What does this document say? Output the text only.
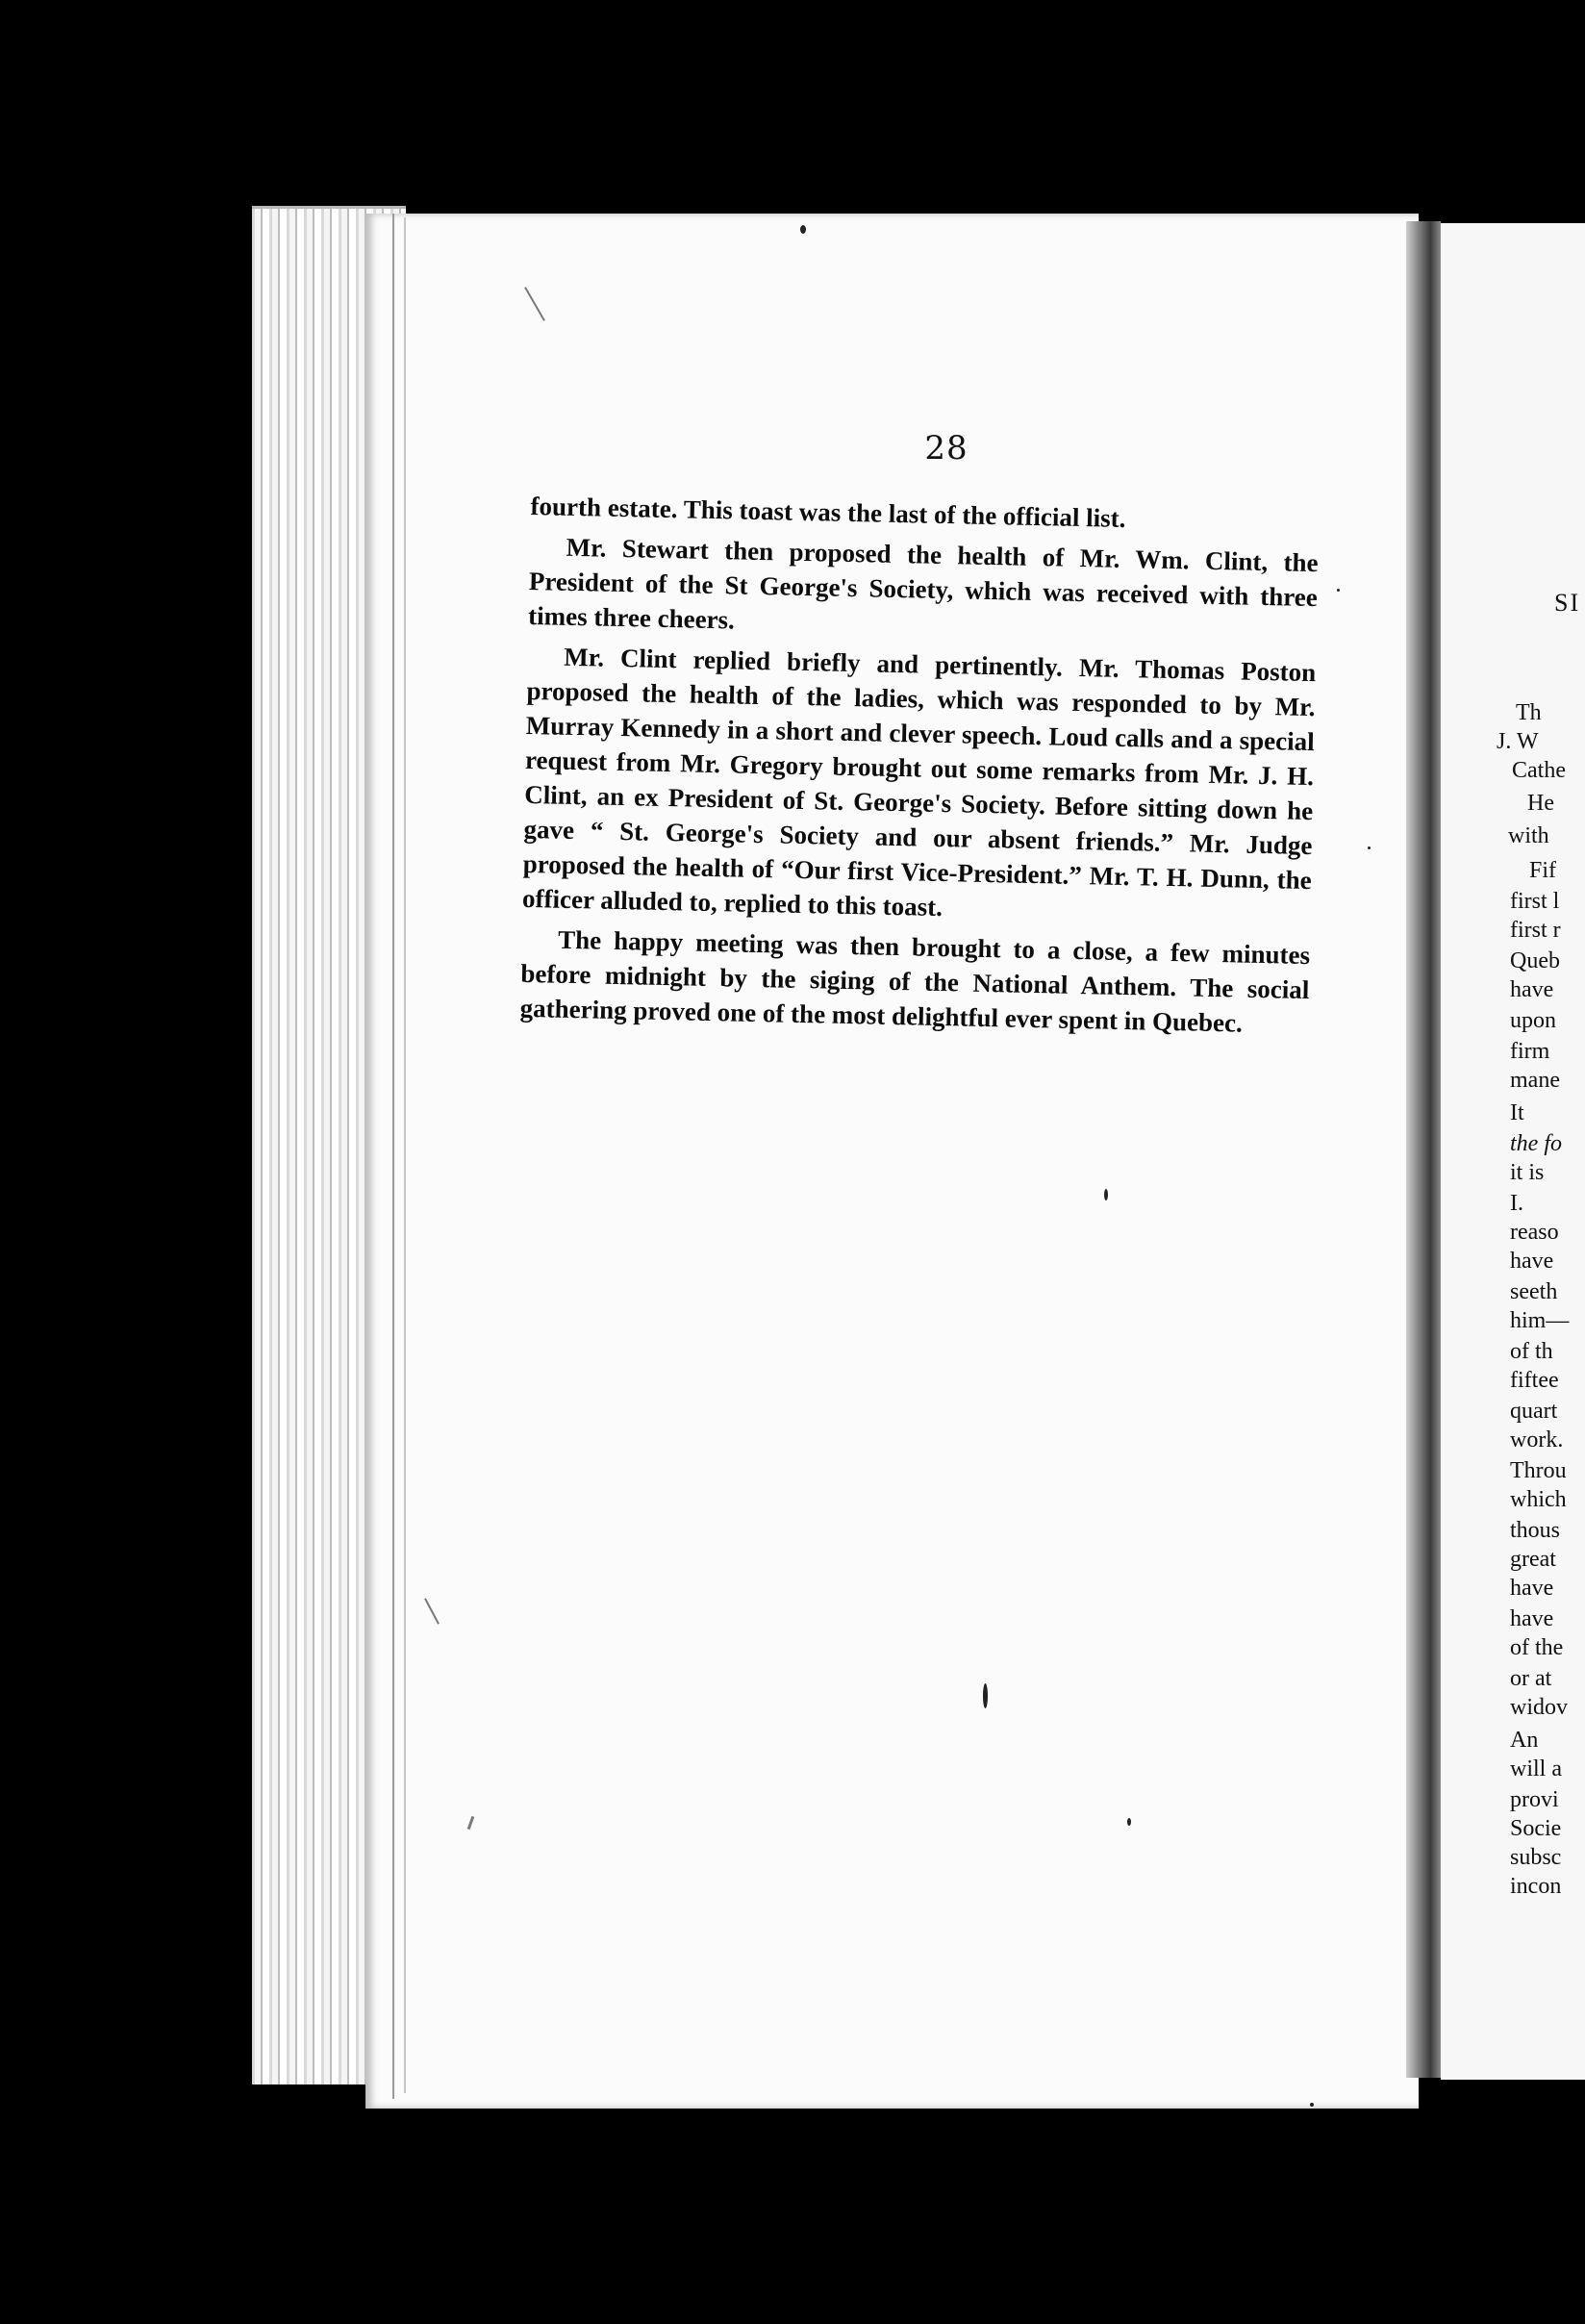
28

fourth estate. This toast was the last of the official list.

Mr. Stewart then proposed the health of Mr. Wm. Clint, the President of the St George's Society, which was received with three times three cheers.

Mr. Clint replied briefly and pertinently. Mr. Thomas Poston proposed the health of the ladies, which was responded to by Mr. Murray Kennedy in a short and clever speech. Loud calls and a special request from Mr. Gregory brought out some remarks from Mr. J. H. Clint, an ex President of St. George's Society. Before sitting down he gave “ St. George's Society and our absent friends.” Mr. Judge proposed the health of “Our first Vice-President.” Mr. T. H. Dunn, the officer alluded to, replied to this toast.

The happy meeting was then brought to a close, a few minutes before midnight by the siging of the National Anthem. The social gathering proved one of the most delightful ever spent in Quebec.

SI
Th
J. W
Cathe
He
with
Fif
first l
first r
Queb
have
upon
firm
mane
It
the fo
it is
I.
reaso
have
seeth
him—
of th
fiftee
quart
work.
Throu
which
thous
great
have
have
of the
or at
widov
An
will a
provi
Socie
subsc
incon
